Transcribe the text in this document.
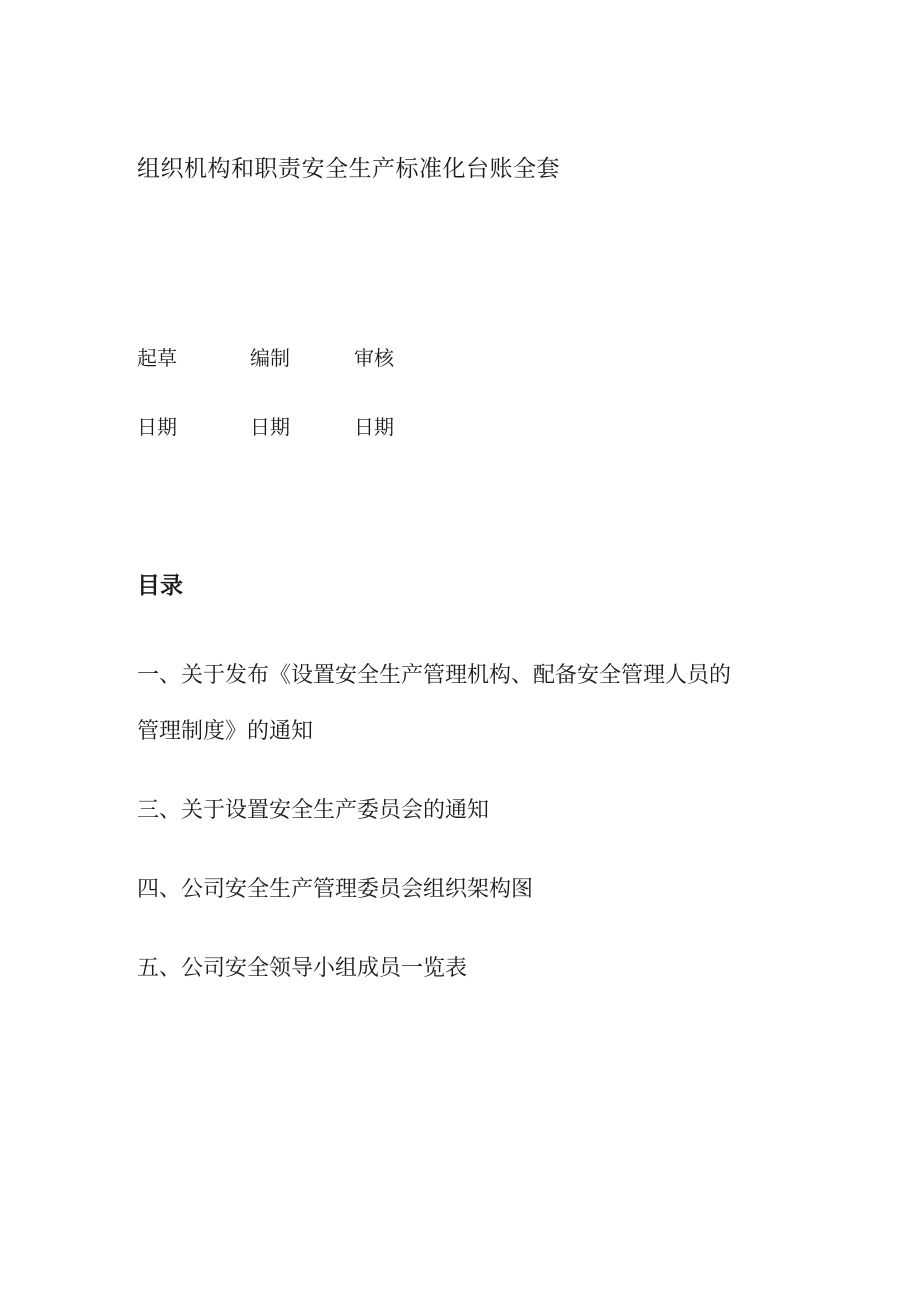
组织机构和职责安全生产标准化台账全套
起草	编制	审核
日期	日期	日期
目录
一、关于发布《设置安全生产管理机构、配备安全管理人员的管理制度》的通知
三、关于设置安全生产委员会的通知
四、公司安全生产管理委员会组织架构图
五、公司安全领导小组成员一览表
